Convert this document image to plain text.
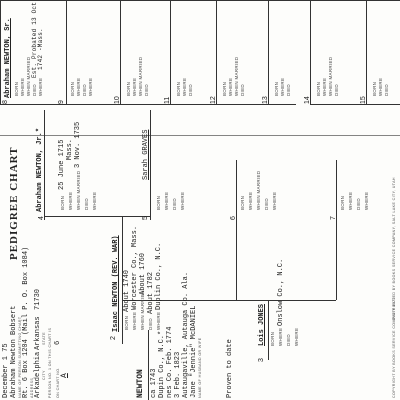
PEDIGREE CHART
December 1 75 Abraham Newton Bobsert NAME OF PERSON SUBMITTING CHART Rt. 6 Box 1204 (Mail P. O. Box 1084) ADDRESS Arkadelphia
Arkansas
71730
CITY
STATE PERSON NO. 1 ON THIS CHART IS 6
ON CHART NO. A	NEWTON ca 1743 Dupin Co., N.C.* nes Co. Feb. 1774 3 Feb. 1823 Autaugaville, Autauga Co. Ala. Jane "Jennie" McDANIEL NAME OF HUSBAND OR WIFE	Proven to date
2
Isaac NEWTON (REV. WAR) BORN
About 1740
WHERE
Worcester Co., Mass.
WHEN MARRIED
About 1760
DIED
About 1782
WHERE
Duplin Co., N.C.
3
Lois JONES BORN WHERE
Onslow Co., N.C.
DIED WHERE
4
Abraham NEWTON, Jr.*	BORN
25 June 1715
WHERE
Mass.
WHEN MARRIED
3 Nov. 1735
DIED WHERE
5
Sarah GRAVES
BORN WHERE DIED WHERE
6
BORN WHERE WHEN MARRIED DIED WHERE
7
BORN WHERE DIED WHERE
8
Abraham NEWTON, Sr. BORN WHERE WHEN MARRIED DIED
Est. Probated 13 Oct
WHERE
1742 -Mass.
9
BORN WHERE DIED WHERE
10
BORN WHERE WHEN MARRIED DIED
11
BORN WHERE DIED
12
BORN WHERE WHEN MARRIED DIED
13
BORN WHERE DIED
14
BORN WHERE WHEN MARRIED DIED
15
BORN WHERE DIED
DISTRIBUTED BY BOOKS SERVICE COMPANY, SALT LAKE CITY, UTAH
COPYRIGHT BY BOOKS SERVICE COMPANY 1972
